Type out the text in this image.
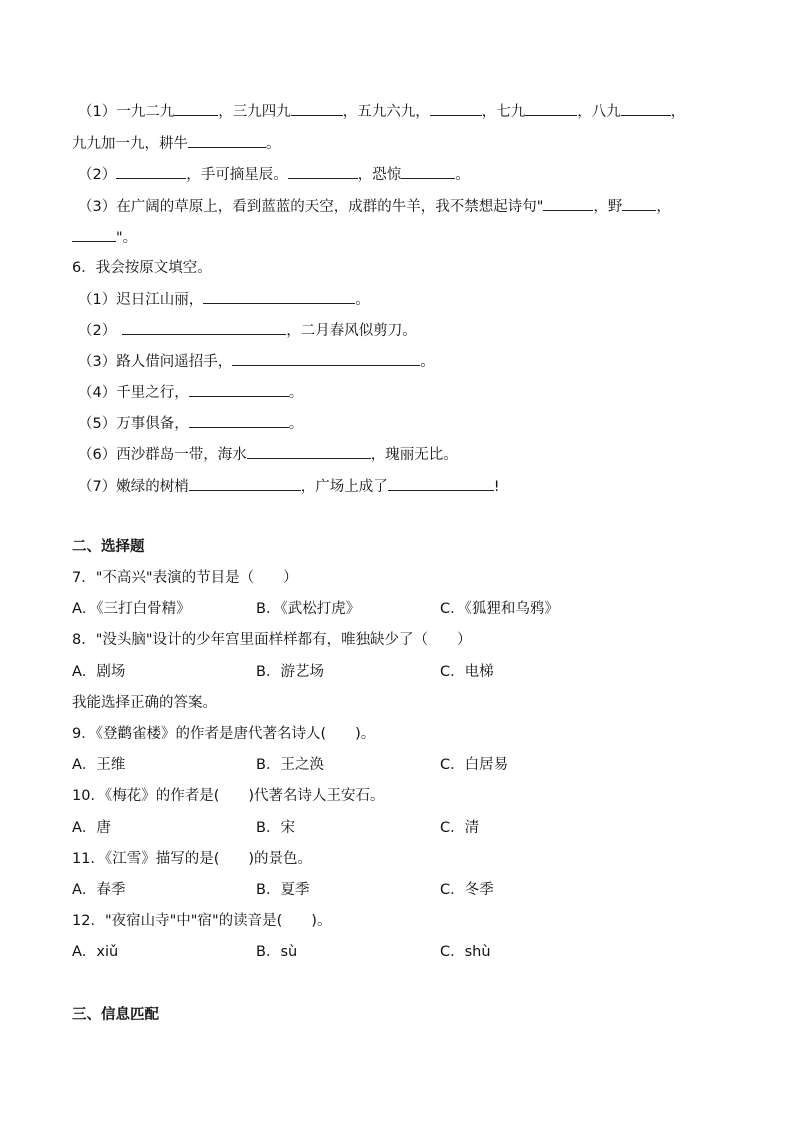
（1）一九二九	，三九四九	，五九六九，	，七九	，八九	，
九九加一九，耕牛	。
（2）	，手可摘星辰。	，恐惊	。
（3）在广阔的草原上，看到蓝蓝的天空，成群的牛羊，我不禁想起诗句"	，野 ，
"。
6．我会按原文填空。
（1）迟日江山丽，	。
（2）	，二月春风似剪刀。
（3）路人借问遥招手，	。
（4）千里之行，	。
（5）万事俱备，	。
（6）西沙群岛一带，海水	，瑰丽无比。
（7）嫩绿的树梢	，广场上成了	!
二、选择题
7．"不高兴"表演的节目是（　　）
A．《三打白骨精》	B．《武松打虎》	C．《狐狸和乌鸦》
8．"没头脑"设计的少年宫里面样样都有，唯独缺少了（　　）
A．剧场	B．游艺场	C．电梯
我能选择正确的答案。
9．《登鹳雀楼》的作者是唐代著名诗人(　　)。
A．王维	B．王之涣	C．白居易
10．《梅花》的作者是(　　)代著名诗人王安石。
A．唐	B．宋	C．清
11．《江雪》描写的是(　　)的景色。
A．春季	B．夏季	C．冬季
12．"夜宿山寺"中"宿"的读音是(　　)。
A．xiǔ	B．sù	C．shù
三、信息匹配
